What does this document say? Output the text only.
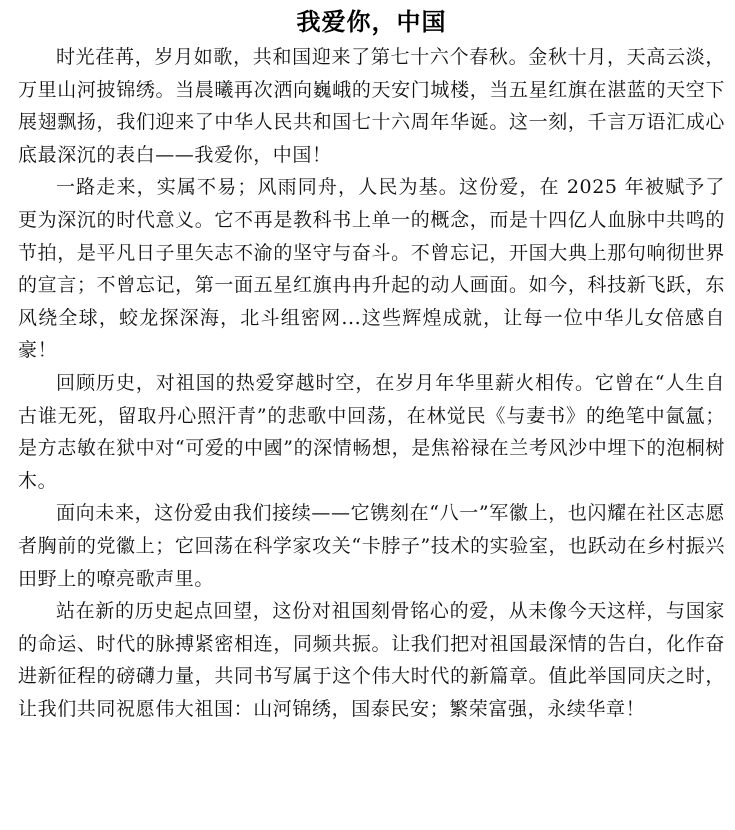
我爱你，中国

时光荏苒，岁月如歌，共和国迎来了第七十六个春秋。金秋十月，天高云淡，万里山河披锦绣。当晨曦再次洒向巍峨的天安门城楼，当五星红旗在湛蓝的天空下展翅飘扬，我们迎来了中华人民共和国七十六周年华诞。这一刻，千言万语汇成心底最深沉的表白——我爱你，中国！

一路走来，实属不易；风雨同舟，人民为基。这份爱，在 2025 年被赋予了更为深沉的时代意义。它不再是教科书上单一的概念，而是十四亿人血脉中共鸣的节拍，是平凡日子里矢志不渝的坚守与奋斗。不曾忘记，开国大典上那句响彻世界的宣言；不曾忘记，第一面五星红旗冉冉升起的动人画面。如今，科技新飞跃，东风绕全球，蛟龙探深海，北斗组密网...这些辉煌成就，让每一位中华儿女倍感自豪！

回顾历史，对祖国的热爱穿越时空，在岁月年华里薪火相传。它曾在“人生自古谁无死，留取丹心照汗青”的悲歌中回荡，在林觉民《与妻书》的绝笔中氤氲；是方志敏在狱中对“可爱的中國”的深情畅想，是焦裕禄在兰考风沙中埋下的泡桐树木。

面向未来，这份爱由我们接续——它镌刻在“八一”军徽上，也闪耀在社区志愿者胸前的党徽上；它回荡在科学家攻关“卡脖子”技术的实验室，也跃动在乡村振兴田野上的嘹亮歌声里。

站在新的历史起点回望，这份对祖国刻骨铭心的爱，从未像今天这样，与国家的命运、时代的脉搏紧密相连，同频共振。让我们把对祖国最深情的告白，化作奋进新征程的磅礴力量，共同书写属于这个伟大时代的新篇章。值此举国同庆之时，让我们共同祝愿伟大祖国：山河锦绣，国泰民安；繁荣富强，永续华章！
